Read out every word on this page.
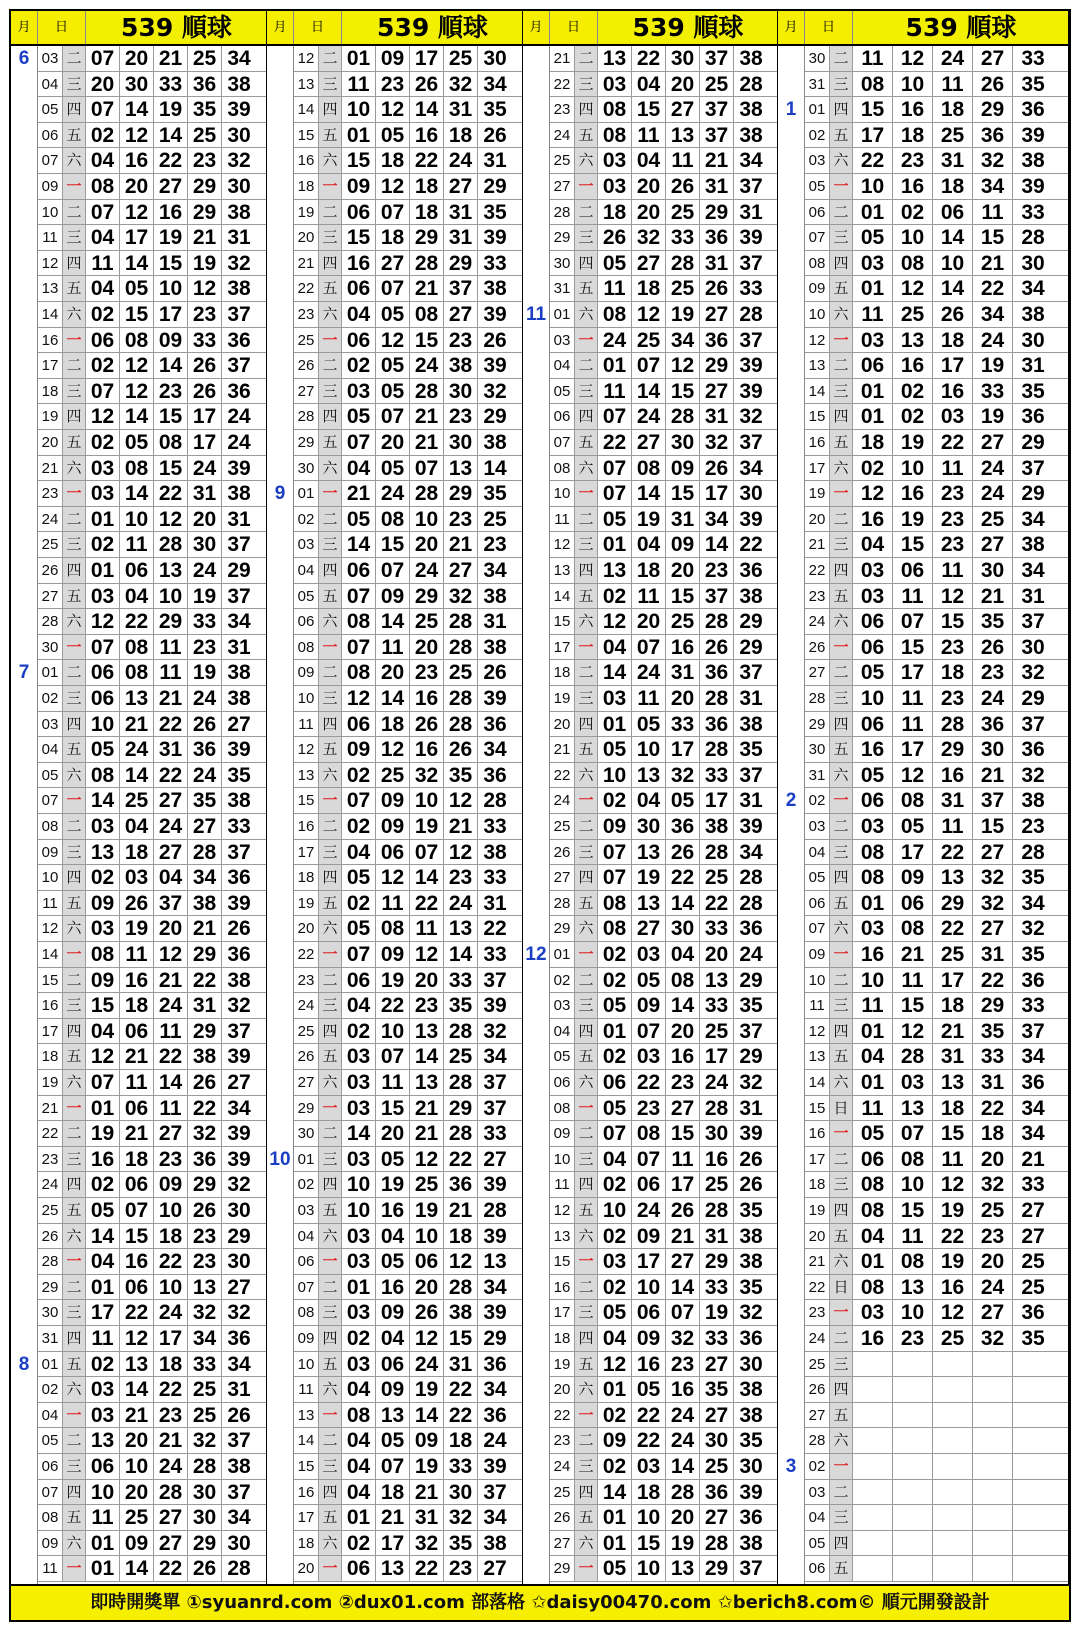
月	日	539 順球
6
7
8
03 二 07 20 21 25 34
04 三 20 30 33 36 38
05 四 07 14 19 35 39
06 五 02 12 14 25 30
07 六 04 16 22 23 32
09 一 08 20 27 29 30
10 二 07 12 16 29 38
11 三 04 17 19 21 31
12 四 11 14 15 19 32
13 五 04 05 10 12 38
14 六 02 15 17 23 37
16 一 06 08 09 33 36
17 二 02 12 14 26 37
18 三 07 12 23 26 36
19 四 12 14 15 17 24
20 五 02 05 08 17 24
21 六 03 08 15 24 39
23 一 03 14 22 31 38
24 二 01 10 12 20 31
25 三 02 11 28 30 37
26 四 01 06 13 24 29
27 五 03 04 10 19 37
28 六 12 22 29 33 34
30 一 07 08 11 23 31
01 二 06 08 11 19 38
02 三 06 13 21 24 38
03 四 10 21 22 26 27
04 五 05 24 31 36 39
05 六 08 14 22 24 35
07 一 14 25 27 35 38
08 二 03 04 24 27 33
09 三 13 18 27 28 37
10 四 02 03 04 34 36
11 五 09 26 37 38 39
12 六 03 19 20 21 26
14 一 08 11 12 29 36
15 二 09 16 21 22 38
16 三 15 18 24 31 32
17 四 04 06 11 29 37
18 五 12 21 22 38 39
19 六 07 11 14 26 27
21 一 01 06 11 22 34
22 二 19 21 27 32 39
23 三 16 18 23 36 39
24 四 02 06 09 29 32
25 五 05 07 10 26 30
26 六 14 15 18 23 29
28 一 04 16 22 23 30
29 二 01 06 10 13 27
30 三 17 22 24 32 32
31 四 11 12 17 34 36
01 五 02 13 18 33 34
02 六 03 14 22 25 31
04 一 03 21 23 25 26
05 二 13 20 21 32 37
06 三 06 10 24 28 38
07 四 10 20 28 30 37
08 五 11 25 27 30 34
09 六 01 09 27 29 30
11 一 01 14 22 26 28
月	日	539 順球
9
10
12 二 01 09 17 25 30
13 三 11 23 26 32 34
14 四 10 12 14 31 35
15 五 01 05 16 18 26
16 六 15 18 22 24 31
18 一 09 12 18 27 29
19 二 06 07 18 31 35
20 三 15 18 29 31 39
21 四 16 27 28 29 33
22 五 06 07 21 37 38
23 六 04 05 08 27 39
25 一 06 12 15 23 26
26 二 02 05 24 38 39
27 三 03 05 28 30 32
28 四 05 07 21 23 29
29 五 07 20 21 30 38
30 六 04 05 07 13 14
01 一 21 24 28 29 35
02 二 05 08 10 23 25
03 三 14 15 20 21 23
04 四 06 07 24 27 34
05 五 07 09 29 32 38
06 六 08 14 25 28 31
08 一 07 11 20 28 38
09 二 08 20 23 25 26
10 三 12 14 16 28 39
11 四 06 18 26 28 36
12 五 09 12 16 26 34
13 六 02 25 32 35 36
15 一 07 09 10 12 28
16 二 02 09 19 21 33
17 三 04 06 07 12 38
18 四 05 12 14 23 33
19 五 02 11 22 24 31
20 六 05 08 11 13 22
22 一 07 09 12 14 33
23 二 06 19 20 33 37
24 三 04 22 23 35 39
25 四 02 10 13 28 32
26 五 03 07 14 25 34
27 六 03 11 13 28 37
29 一 03 15 21 29 37
30 二 14 20 21 28 33
01 三 03 05 12 22 27
02 四 10 19 25 36 39
03 五 10 16 19 21 28
04 六 03 04 10 18 39
06 一 03 05 06 12 13
07 二 01 16 20 28 34
08 三 03 09 26 38 39
09 四 02 04 12 15 29
10 五 03 06 24 31 36
11 六 04 09 19 22 34
13 一 08 13 14 22 36
14 二 04 05 09 18 24
15 三 04 07 19 33 39
16 四 04 18 21 30 37
17 五 01 21 31 32 34
18 六 02 17 32 35 38
20 一 06 13 22 23 27
月	日	539 順球
11
12
21 二 13 22 30 37 38
22 三 03 04 20 25 28
23 四 08 15 27 37 38
24 五 08 11 13 37 38
25 六 03 04 11 21 34
27 一 03 20 26 31 37
28 二 18 20 25 29 31
29 三 26 32 33 36 39
30 四 05 27 28 31 37
31 五 11 18 25 26 33
01 六 08 12 19 27 28
03 一 24 25 34 36 37
04 二 01 07 12 29 39
05 三 11 14 15 27 39
06 四 07 24 28 31 32
07 五 22 27 30 32 37
08 六 07 08 09 26 34
10 一 07 14 15 17 30
11 二 05 19 31 34 39
12 三 01 04 09 14 22
13 四 13 18 20 23 36
14 五 02 11 15 37 38
15 六 12 20 25 28 29
17 一 04 07 16 26 29
18 二 14 24 31 36 37
19 三 03 11 20 28 31
20 四 01 05 33 36 38
21 五 05 10 17 28 35
22 六 10 13 32 33 37
24 一 02 04 05 17 31
25 二 09 30 36 38 39
26 三 07 13 26 28 34
27 四 07 19 22 25 28
28 五 08 13 14 22 28
29 六 08 27 30 33 36
01 一 02 03 04 20 24
02 二 02 05 08 13 29
03 三 05 09 14 33 35
04 四 01 07 20 25 37
05 五 02 03 16 17 29
06 六 06 22 23 24 32
08 一 05 23 27 28 31
09 二 07 08 15 30 39
10 三 04 07 11 16 26
11 四 02 06 17 25 26
12 五 10 24 26 28 35
13 六 02 09 21 31 38
15 一 03 17 27 29 38
16 二 02 10 14 33 35
17 三 05 06 07 19 32
18 四 04 09 32 33 36
19 五 12 16 23 27 30
20 六 01 05 16 35 38
22 一 02 22 24 27 38
23 二 09 22 24 30 35
24 三 02 03 14 25 30
25 四 14 18 28 36 39
26 五 01 10 20 27 36
27 六 01 15 19 28 38
29 一 05 10 13 29 37
月	日	539 順球
1
2
3
30 二 11 12 24 27 33
31 三 08 10 11 26 35
01 四 15 16 18 29 36
02 五 17 18 25 36 39
03 六 22 23 31 32 38
05 一 10 16 18 34 39
06 二 01 02 06 11 33
07 三 05 10 14 15 28
08 四 03 08 10 21 30
09 五 01 12 14 22 34
10 六 11 25 26 34 38
12 一 03 13 18 24 30
13 二 06 16 17 19 31
14 三 01 02 16 33 35
15 四 01 02 03 19 36
16 五 18 19 22 27 29
17 六 02 10 11 24 37
19 一 12 16 23 24 29
20 二 16 19 23 25 34
21 三 04 15 23 27 38
22 四 03 06 11 30 34
23 五 03 11 12 21 31
24 六 06 07 15 35 37
26 一 06 15 23 26 30
27 二 05 17 18 23 32
28 三 10 11 23 24 29
29 四 06 11 28 36 37
30 五 16 17 29 30 36
31 六 05 12 16 21 32
02 一 06 08 31 37 38
03 二 03 05 11 15 23
04 三 08 17 22 27 28
05 四 08 09 13 32 35
06 五 01 06 29 32 34
07 六 03 08 22 27 32
09 一 16 21 25 31 35
10 二 10 11 17 22 36
11 三 11 15 18 29 33
12 四 01 12 21 35 37
13 五 04 28 31 33 34
14 六 01 03 13 31 36
15 日 11 13 18 22 34
16 一 05 07 15 18 34
17 二 06 08 11 20 21
18 三 08 10 12 32 33
19 四 08 15 19 25 27
20 五 04 11 22 23 27
21 六 01 08 19 20 25
22 日 08 13 16 24 25
23 一 03 10 12 27 36
24 二 16 23 25 32 35
25 三
26 四
27 五
28 六
02 一
03 二
04 三
05 四
06 五
即時開獎單 ①syuanrd.com ②dux01.com 部落格 ✩daisy00470.com ✩berich8.com© 順元開發設計
